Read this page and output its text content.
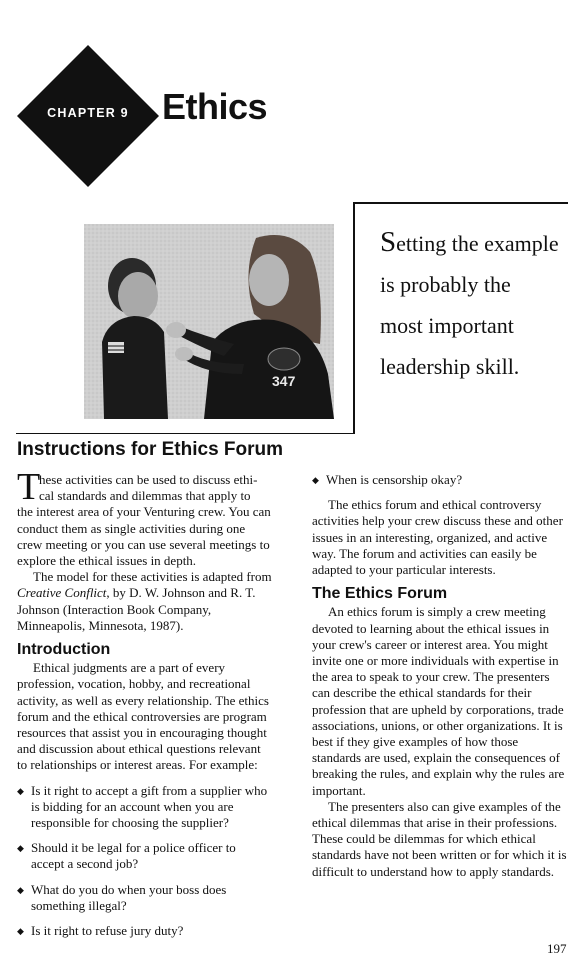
CHAPTER 9 Ethics
347
Setting the example
is probably the
most important
leadership skill.
Instructions for Ethics Forum
T
hese activities can be used to discuss ethi-
cal standards and dilemmas that apply to

the interest area of your Venturing crew. You can conduct them as single activities during one crew meeting or you can use several meetings to explore the ethical issues in depth.

The model for these activities is adapted from Creative Conflict, by D. W. Johnson and R. T. Johnson (Interaction Book Company, Minneapolis, Minnesota, 1987).

Introduction

Ethical judgments are a part of every profession, vocation, hobby, and recreational activity, as well as every relationship. The ethics forum and the ethical controversies are program resources that assist you in encouraging thought and discussion about ethical questions relevant to relationships or interest areas. For example:

◆ Is it right to accept a gift from a supplier who is bidding for an account when you are responsible for choosing the supplier?
◆ Should it be legal for a police officer to accept a second job?
◆ What do you do when your boss does something illegal?
◆ Is it right to refuse jury duty?
◆ When is censorship okay?

The ethics forum and ethical controversy activities help your crew discuss these and other issues in an interesting, organized, and active way. The forum and activities can easily be adapted to your particular interests.

The Ethics Forum

An ethics forum is simply a crew meeting devoted to learning about the ethical issues in your crew's career or interest area. You might invite one or more individuals with expertise in the area to speak to your crew. The presenters can describe the ethical standards for their profession that are upheld by corporations, trade associations, unions, or other organizations. It is best if they give examples of how those standards are used, explain the consequences of breaking the rules, and explain why the rules are important.

The presenters also can give examples of the ethical dilemmas that arise in their professions. These could be dilemmas for which ethical standards have not been written or for which it is difficult to understand how to apply standards.

197
